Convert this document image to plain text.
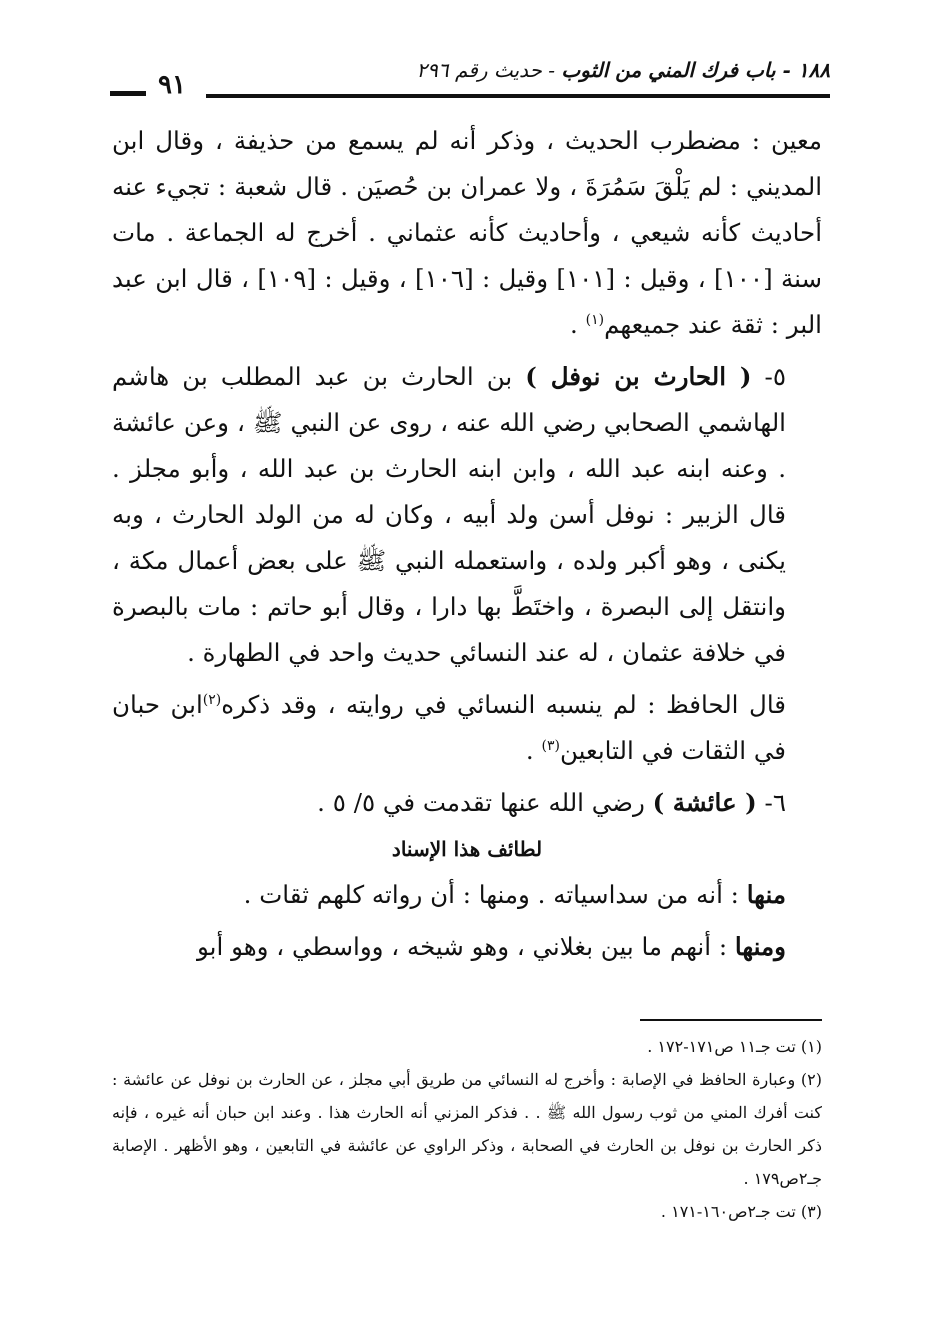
٩١	١٨٨ - باب فرك المني من الثوب - حديث رقم ٢٩٦

معين : مضطرب الحديث ، وذكر أنه لم يسمع من حذيفة ، وقال ابن المديني : لم يَلْقَ سَمُرَةَ ، ولا عمران بن حُصيَن . قال شعبة : تجيء عنه أحاديث كأنه شيعي ، وأحاديث كأنه عثماني . أخرج له الجماعة . مات سنة [١٠٠] ، وقيل : [١٠١] وقيل : [١٠٦] ، وقيل : [١٠٩] ، قال ابن عبد البر : ثقة عند جميعهم$^{(١)}$ .

٥- ( الحارث بن نوفل ) بن الحارث بن عبد المطلب بن هاشم الهاشمي الصحابي رضي الله عنه ، روى عن النبي ﷺ ، وعن عائشة . وعنه ابنه عبد الله ، وابن ابنه الحارث بن عبد الله ، وأبو مجلز . قال الزبير : نوفل أسن ولد أبيه ، وكان له من الولد الحارث ، وبه يكنى ، وهو أكبر ولده ، واستعمله النبي ﷺ على بعض أعمال مكة ، وانتقل إلى البصرة ، واختَطَّ بها دارا ، وقال أبو حاتم : مات بالبصرة في خلافة عثمان ، له عند النسائي حديث واحد في الطهارة .

قال الحافظ : لم ينسبه النسائي في روايته ، وقد ذكره$^{(٢)}$ابن حبان في الثقات في التابعين$^{(٣)}$ .

٦- ( عائشة ) رضي الله عنها تقدمت في ٥/ ٥ .

لطائف هذا الإسناد

منها : أنه من سداسياته . ومنها : أن رواته كلهم ثقات .

ومنها : أنهم ما بين بغلاني ، وهو شيخه ، وواسطي ، وهو أبو

(١) تت جـ١١ ص١٧١-١٧٢ .

(٢) وعبارة الحافظ في الإصابة : وأخرج له النسائي من طريق أبي مجلز ، عن الحارث بن نوفل عن عائشة : كنت أفرك المني من ثوب رسول الله ﷺ . . فذكر المزني أنه الحارث هذا . وعند ابن حبان أنه غيره ، فإنه ذكر الحارث بن نوفل بن الحارث في الصحابة ، وذكر الراوي عن عائشة في التابعين ، وهو الأظهر . الإصابة جـ٢ص١٧٩ .

(٣) تت جـ٢ص١٦٠-١٧١ .
